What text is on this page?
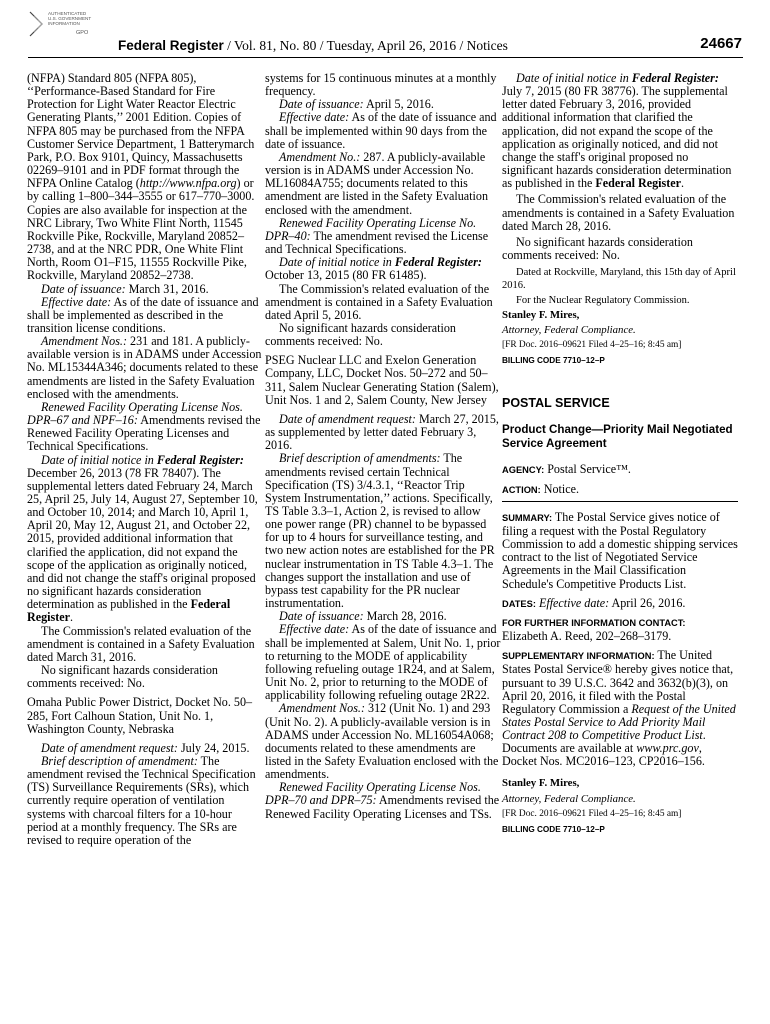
AUTHENTICATED
U.S. GOVERNMENT
INFORMATION
GPO
Federal Register / Vol. 81, No. 80 / Tuesday, April 26, 2016 / Notices	24667

(NFPA) Standard 805 (NFPA 805), ‘‘Performance-Based Standard for Fire Protection for Light Water Reactor Electric Generating Plants,’’ 2001 Edition. Copies of NFPA 805 may be purchased from the NFPA Customer Service Department, 1 Batterymarch Park, P.O. Box 9101, Quincy, Massachusetts 02269–9101 and in PDF format through the NFPA Online Catalog (http://www.nfpa.org) or by calling 1–800–344–3555 or 617–770–3000. Copies are also available for inspection at the NRC Library, Two White Flint North, 11545 Rockville Pike, Rockville, Maryland 20852–2738, and at the NRC PDR, One White Flint North, Room O1–F15, 11555 Rockville Pike, Rockville, Maryland 20852–2738.

Date of issuance: March 31, 2016.

Effective date: As of the date of issuance and shall be implemented as described in the transition license conditions.

Amendment Nos.: 231 and 181. A publicly-available version is in ADAMS under Accession No. ML15344A346; documents related to these amendments are listed in the Safety Evaluation enclosed with the amendments.

Renewed Facility Operating License Nos. DPR–67 and NPF–16: Amendments revised the Renewed Facility Operating Licenses and Technical Specifications.

Date of initial notice in Federal Register: December 26, 2013 (78 FR 78407). The supplemental letters dated February 24, March 25, April 25, July 14, August 27, September 10, and October 10, 2014; and March 10, April 1, April 20, May 12, August 21, and October 22, 2015, provided additional information that clarified the application, did not expand the scope of the application as originally noticed, and did not change the staff's original proposed no significant hazards consideration determination as published in the Federal Register.

The Commission's related evaluation of the amendment is contained in a Safety Evaluation dated March 31, 2016.

No significant hazards consideration comments received: No.

Omaha Public Power District, Docket No. 50–285, Fort Calhoun Station, Unit No. 1, Washington County, Nebraska

Date of amendment request: July 24, 2015.

Brief description of amendment: The amendment revised the Technical Specification (TS) Surveillance Requirements (SRs), which currently require operation of ventilation systems with charcoal filters for a 10-hour period at a monthly frequency. The SRs are revised to require operation of the

systems for 15 continuous minutes at a monthly frequency.

Date of issuance: April 5, 2016.

Effective date: As of the date of issuance and shall be implemented within 90 days from the date of issuance.

Amendment No.: 287. A publicly-available version is in ADAMS under Accession No. ML16084A755; documents related to this amendment are listed in the Safety Evaluation enclosed with the amendment.

Renewed Facility Operating License No. DPR–40: The amendment revised the License and Technical Specifications.

Date of initial notice in Federal Register: October 13, 2015 (80 FR 61485).

The Commission's related evaluation of the amendment is contained in a Safety Evaluation dated April 5, 2016.

No significant hazards consideration comments received: No.

PSEG Nuclear LLC and Exelon Generation Company, LLC, Docket Nos. 50–272 and 50–311, Salem Nuclear Generating Station (Salem), Unit Nos. 1 and 2, Salem County, New Jersey

Date of amendment request: March 27, 2015, as supplemented by letter dated February 3, 2016.

Brief description of amendments: The amendments revised certain Technical Specification (TS) 3/4.3.1, ‘‘Reactor Trip System Instrumentation,’’ actions. Specifically, TS Table 3.3–1, Action 2, is revised to allow one power range (PR) channel to be bypassed for up to 4 hours for surveillance testing, and two new action notes are established for the PR nuclear instrumentation in TS Table 4.3–1. The changes support the installation and use of bypass test capability for the PR nuclear instrumentation.

Date of issuance: March 28, 2016.

Effective date: As of the date of issuance and shall be implemented at Salem, Unit No. 1, prior to returning to the MODE of applicability following refueling outage 1R24, and at Salem, Unit No. 2, prior to returning to the MODE of applicability following refueling outage 2R22.

Amendment Nos.: 312 (Unit No. 1) and 293 (Unit No. 2). A publicly-available version is in ADAMS under Accession No. ML16054A068; documents related to these amendments are listed in the Safety Evaluation enclosed with the amendments.

Renewed Facility Operating License Nos. DPR–70 and DPR–75: Amendments revised the Renewed Facility Operating Licenses and TSs.

Date of initial notice in Federal Register: July 7, 2015 (80 FR 38776). The supplemental letter dated February 3, 2016, provided additional information that clarified the application, did not expand the scope of the application as originally noticed, and did not change the staff's original proposed no significant hazards consideration determination as published in the Federal Register.

The Commission's related evaluation of the amendments is contained in a Safety Evaluation dated March 28, 2016.

No significant hazards consideration comments received: No.

Dated at Rockville, Maryland, this 15th day of April 2016.

For the Nuclear Regulatory Commission.

Stanley F. Mires,

Attorney, Federal Compliance.

[FR Doc. 2016–09621 Filed 4–25–16; 8:45 am]

BILLING CODE 7710–12–P

POSTAL SERVICE

Product Change—Priority Mail Negotiated Service Agreement

AGENCY: Postal Service™.

ACTION: Notice.

SUMMARY: The Postal Service gives notice of filing a request with the Postal Regulatory Commission to add a domestic shipping services contract to the list of Negotiated Service Agreements in the Mail Classification Schedule's Competitive Products List.

DATES: Effective date: April 26, 2016.

FOR FURTHER INFORMATION CONTACT:

Elizabeth A. Reed, 202–268–3179.

SUPPLEMENTARY INFORMATION: The United States Postal Service® hereby gives notice that, pursuant to 39 U.S.C. 3642 and 3632(b)(3), on April 20, 2016, it filed with the Postal Regulatory Commission a Request of the United States Postal Service to Add Priority Mail Contract 208 to Competitive Product List. Documents are available at www.prc.gov, Docket Nos. MC2016–123, CP2016–156.

Stanley F. Mires,

Attorney, Federal Compliance.

[FR Doc. 2016–09621 Filed 4–25–16; 8:45 am]

BILLING CODE 7710–12–P
